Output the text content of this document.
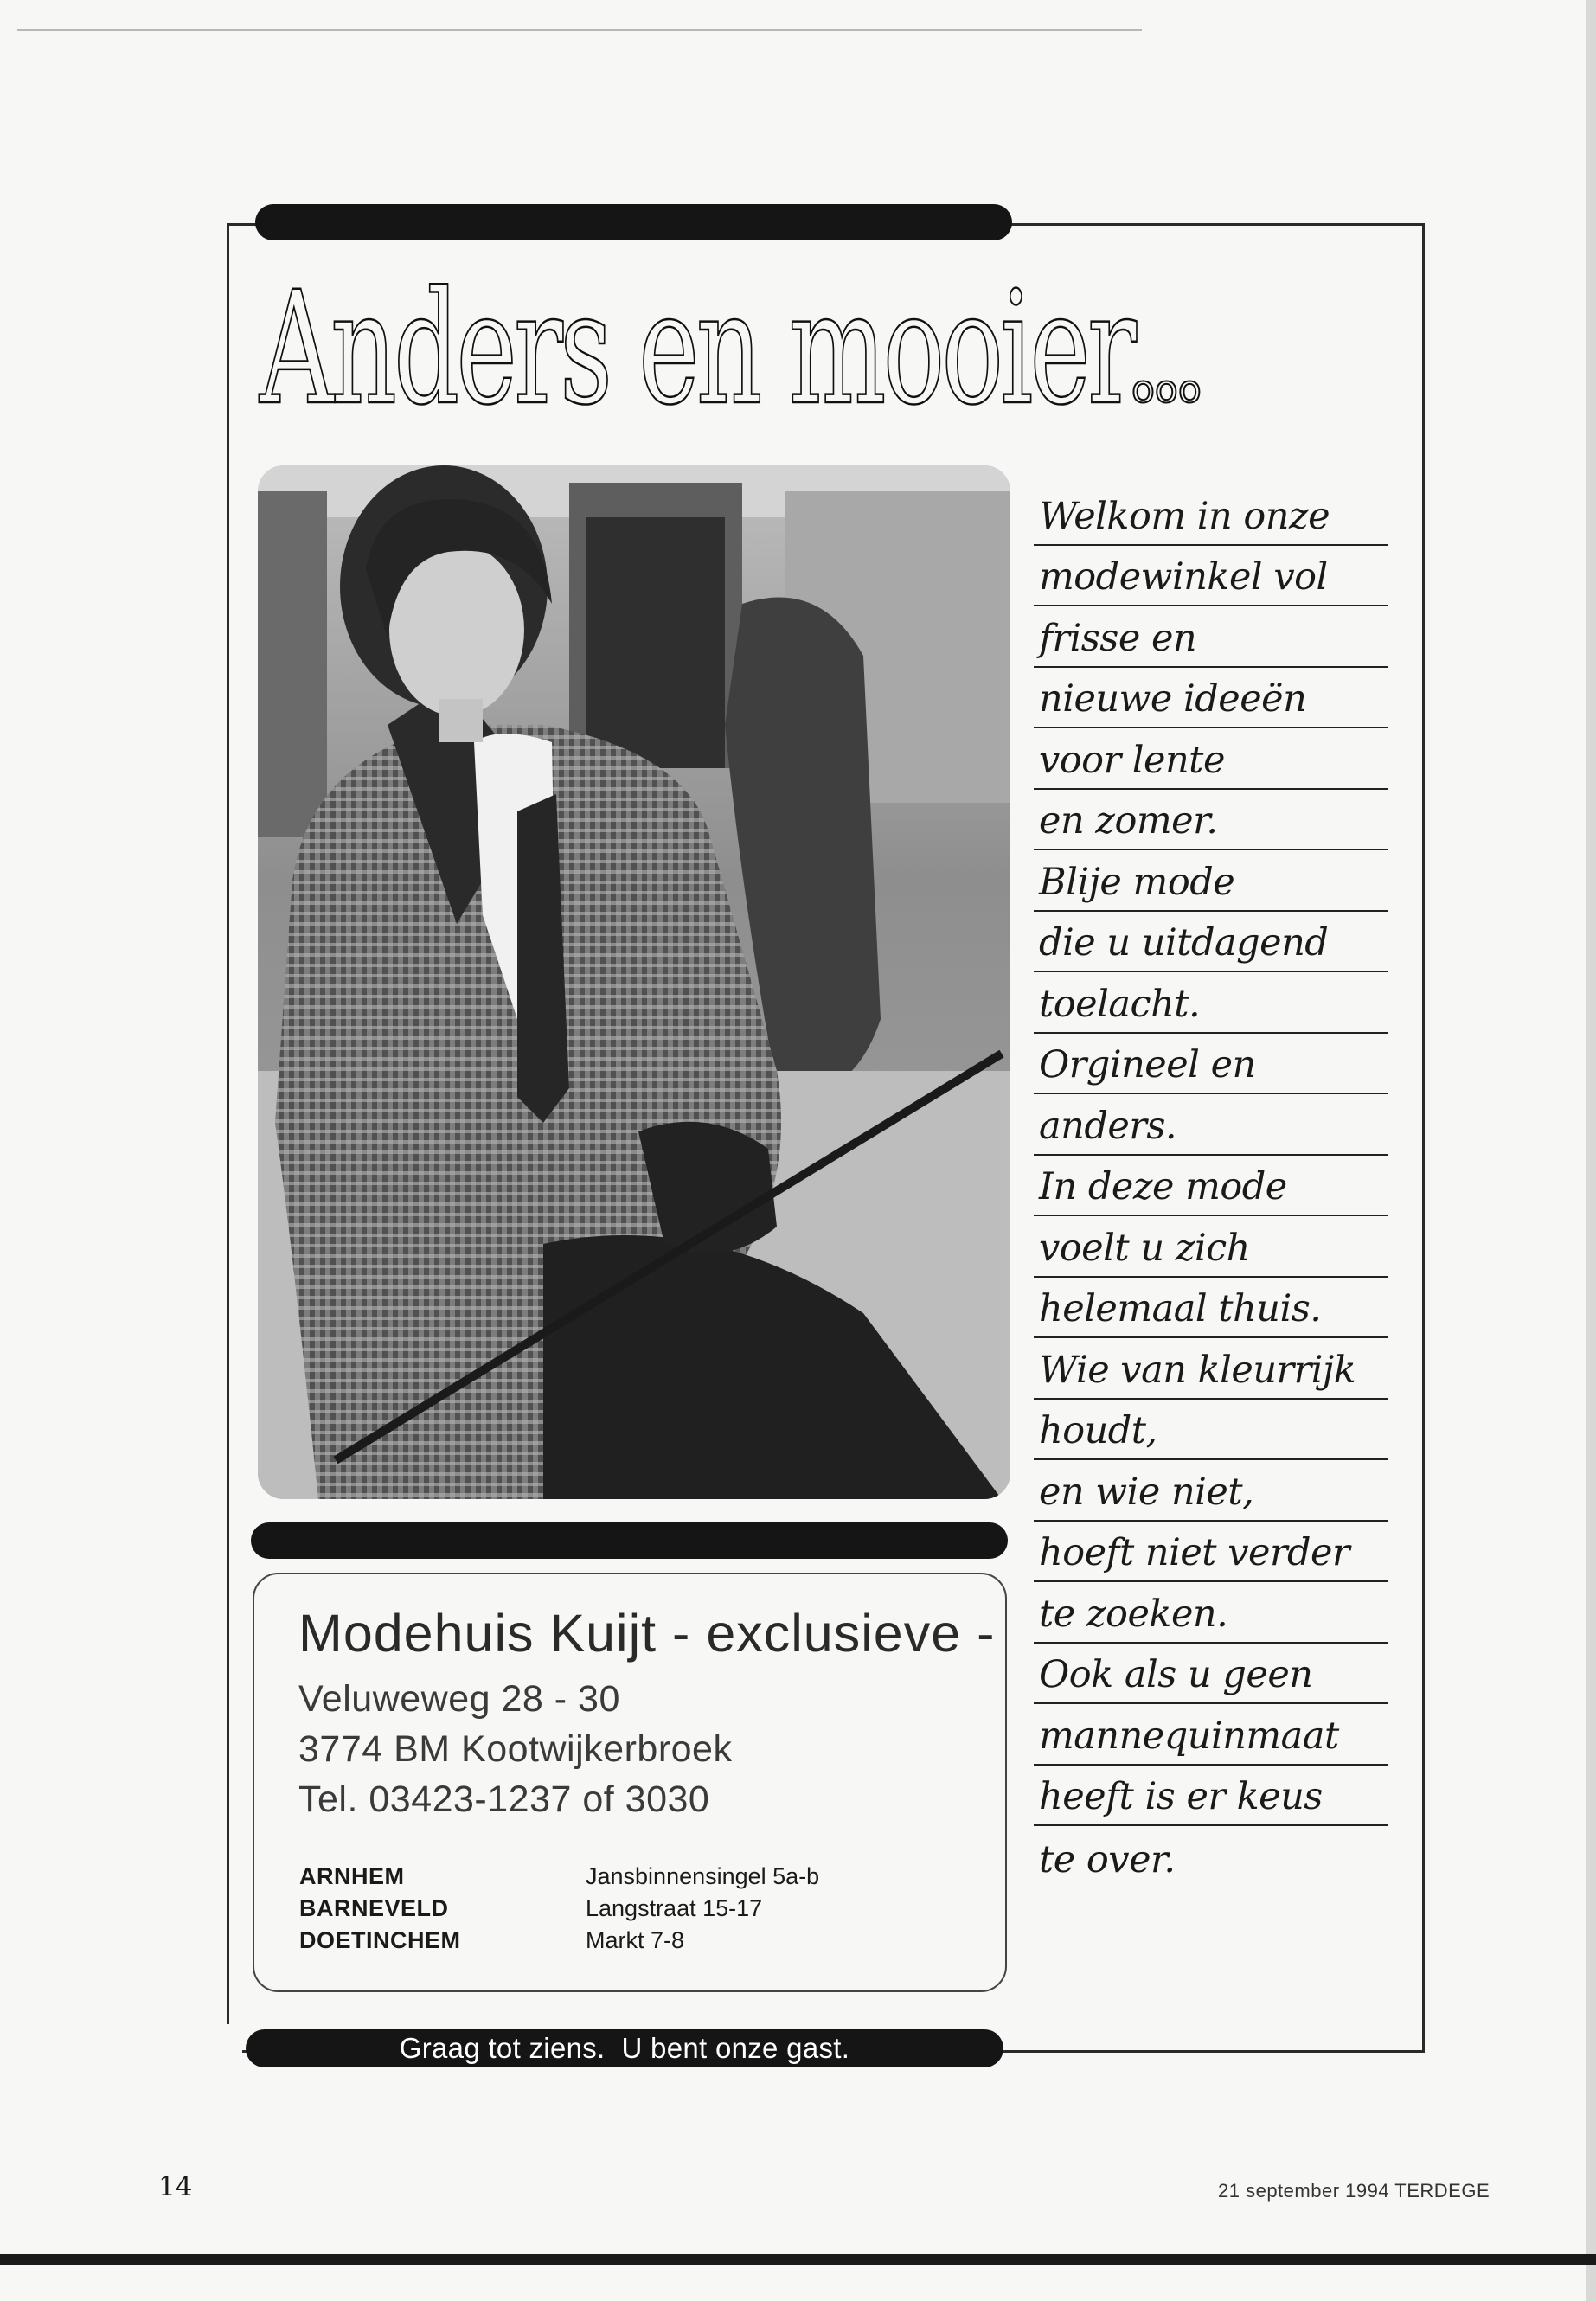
Anders en mooier
ooo
Welkom in onze
modewinkel vol
frisse en
nieuwe ideeën
voor lente
en zomer.
Blije mode
die u uitdagend
toelacht.
Orgineel en
anders.
In deze mode
voelt u zich
helemaal thuis.
Wie van kleurrijk
houdt,
en wie niet,
hoeft niet verder
te zoeken.
Ook als u geen
mannequinmaat
heeft is er keus
te over.
Modehuis Kuijt - exclusieve -
Veluweweg 28 - 30
3774 BM Kootwijkerbroek
Tel. 03423-1237 of 3030
ARNHEM	Jansbinnensingel 5a-b
BARNEVELD	Langstraat 15-17
DOETINCHEM	Markt 7-8
Graag tot ziens.  U bent onze gast.
14	21 september 1994 TERDEGE
